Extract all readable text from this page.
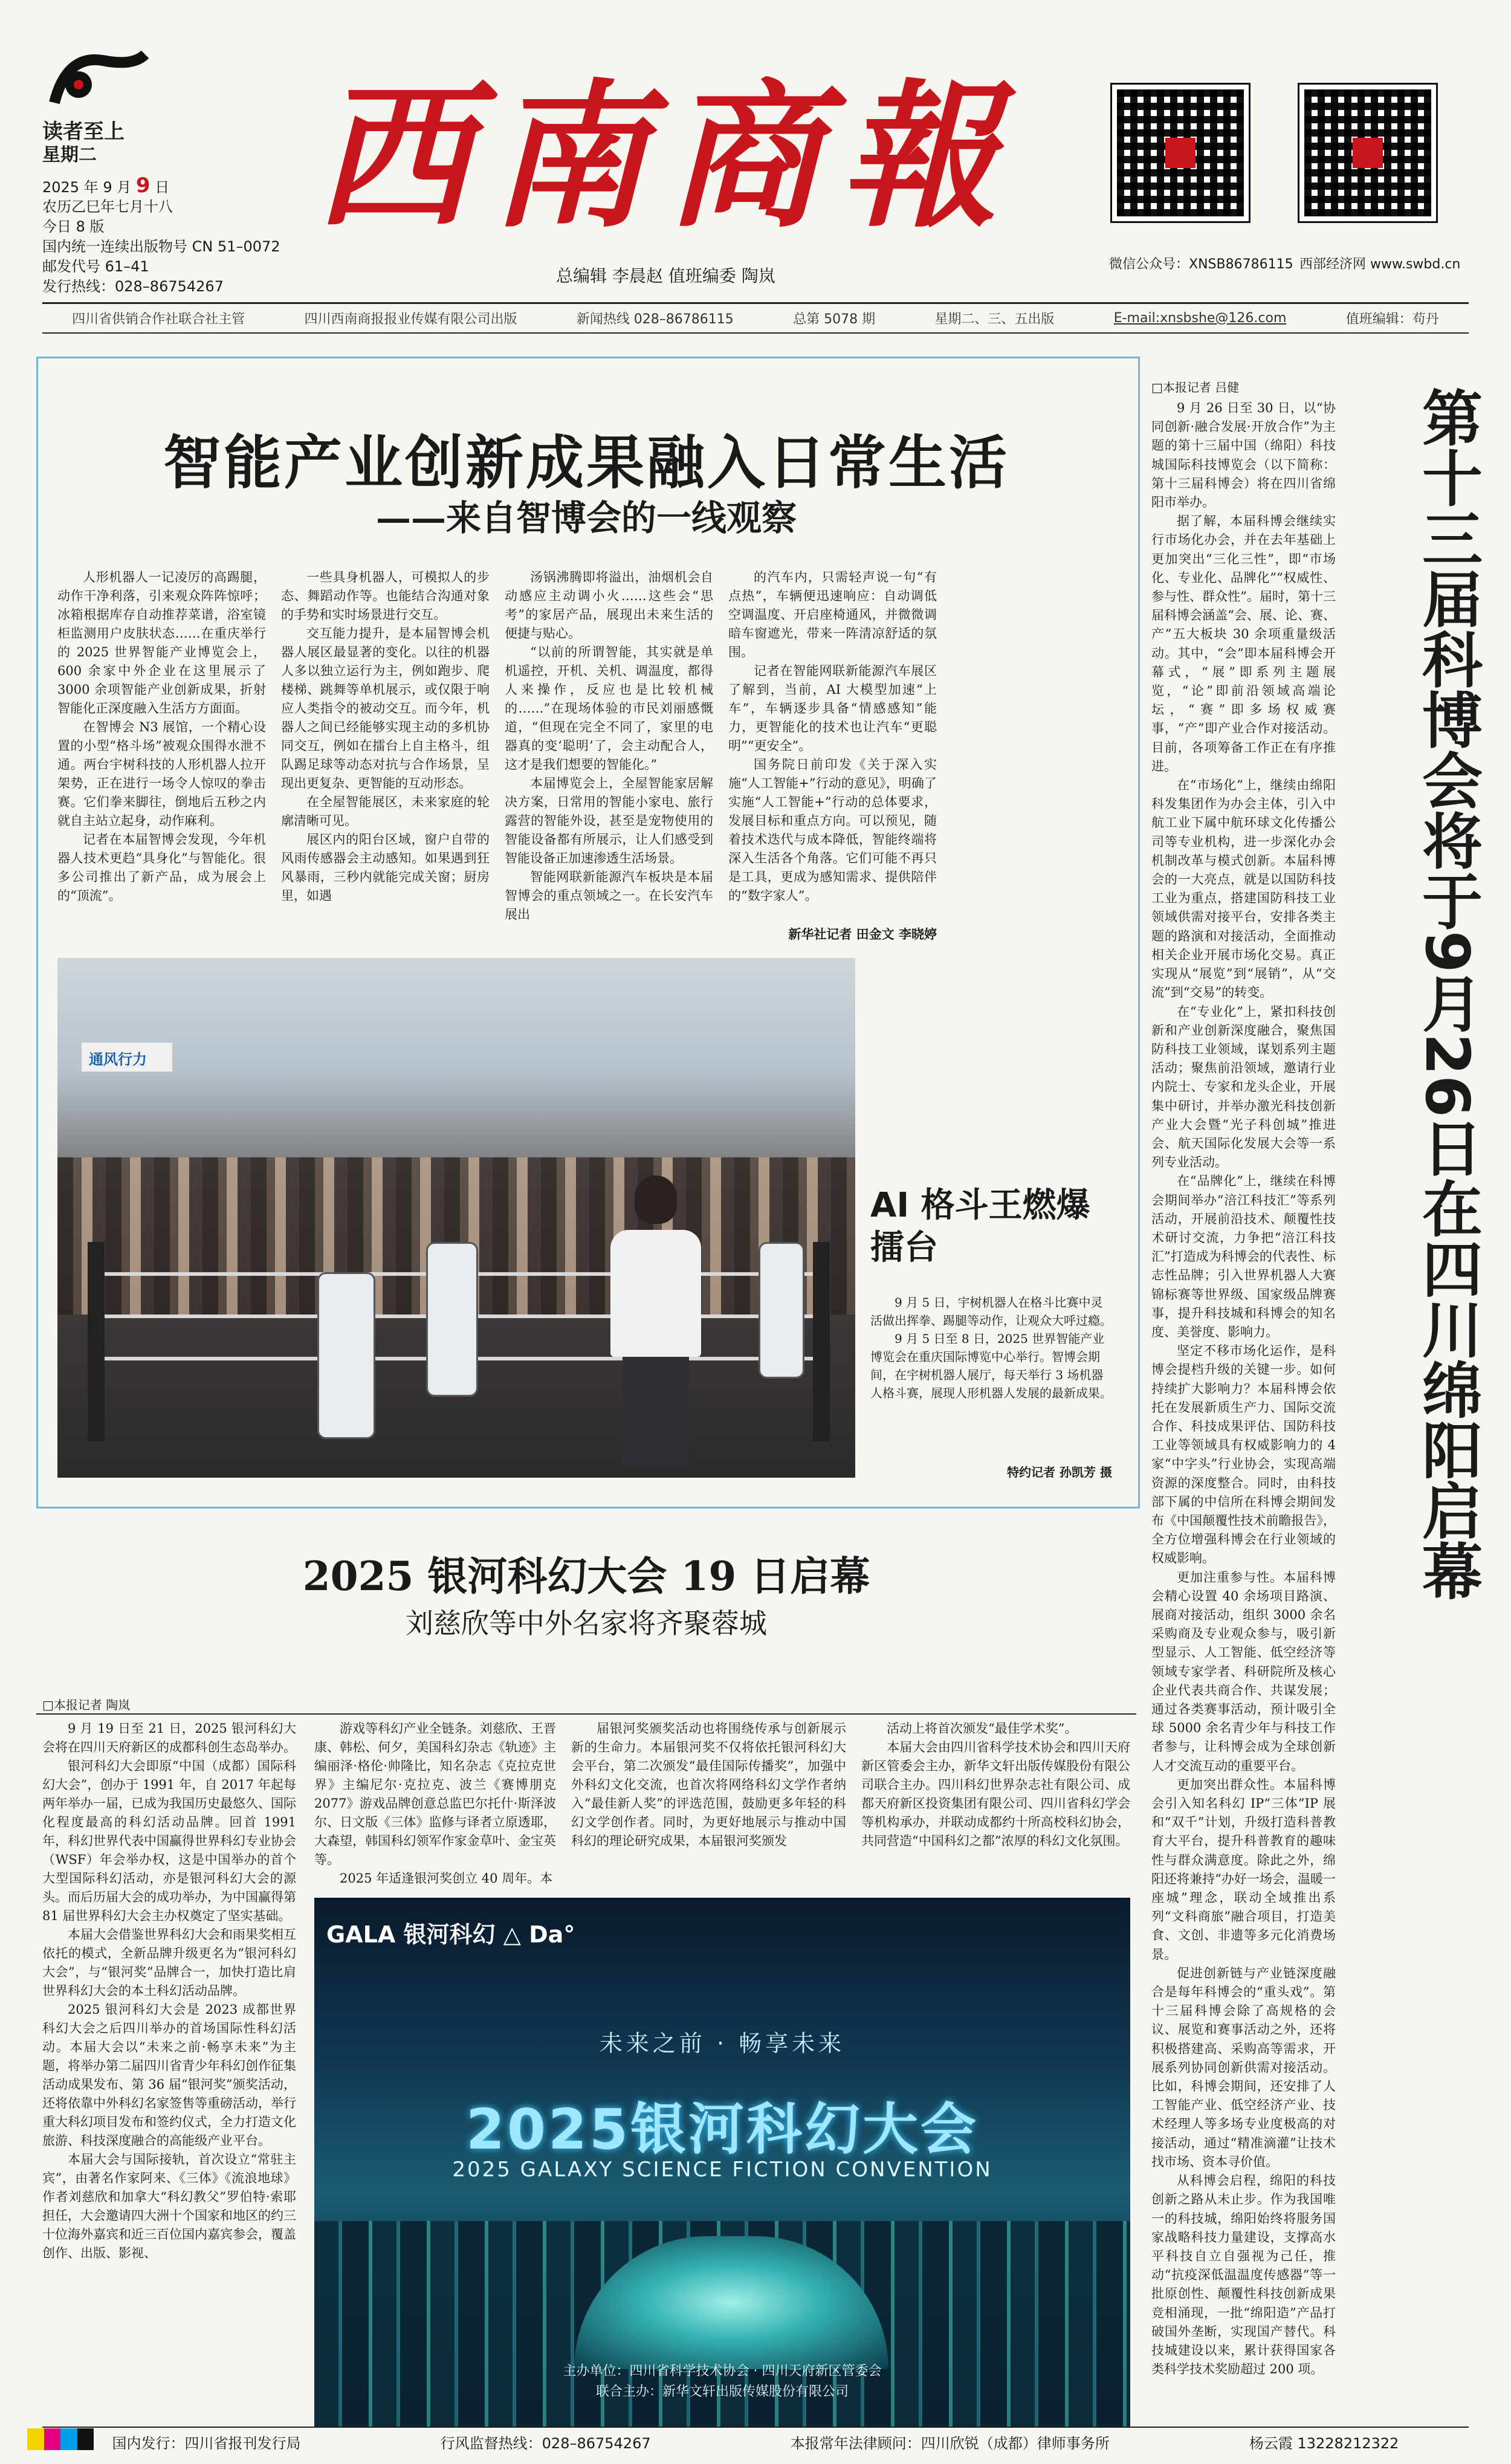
读者至上
星期二
2025 年 9 月 9 日
农历乙巳年七月十八
今日 8 版
国内统一连续出版物号 CN 51–0072
邮发代号 61–41
发行热线：028–86754267
西南商報
总编辑 李晨赵 值班编委 陶岚
微信公众号：XNSB86786115 西部经济网 www.swbd.cn
四川省供销合作社联合社主管	四川西南商报报业传媒有限公司出版	新闻热线 028–86786115	总第 5078 期	星期二、三、五出版	E-mail:xnsbshe@126.com	值班编辑：苟丹
智能产业创新成果融入日常生活
——来自智博会的一线观察

人形机器人一记凌厉的高踢腿，动作干净利落，引来观众阵阵惊呼；冰箱根据库存自动推荐菜谱，浴室镜柜监测用户皮肤状态……在重庆举行的 2025 世界智能产业博览会上，600 余家中外企业在这里展示了 3000 余项智能产业创新成果，折射智能化正深度融入生活方方面面。

在智博会 N3 展馆，一个精心设置的小型“格斗场”被观众围得水泄不通。两台宇树科技的人形机器人拉开架势，正在进行一场令人惊叹的拳击赛。它们拳来脚往，倒地后五秒之内就自主站立起身，动作麻利。

记者在本届智博会发现，今年机器人技术更趋“具身化”与智能化。很多公司推出了新产品，成为展会上的“顶流”。

一些具身机器人，可模拟人的步态、舞蹈动作等。也能结合沟通对象的手势和实时场景进行交互。

交互能力提升，是本届智博会机器人展区最显著的变化。以往的机器人多以独立运行为主，例如跑步、爬楼梯、跳舞等单机展示，或仅限于响应人类指令的被动交互。而今年，机器人之间已经能够实现主动的多机协同交互，例如在擂台上自主格斗，组队踢足球等动态对抗与合作场景，呈现出更复杂、更智能的互动形态。

在全屋智能展区，未来家庭的轮廓清晰可见。

展区内的阳台区域，窗户自带的风雨传感器会主动感知。如果遇到狂风暴雨，三秒内就能完成关窗；厨房里，如遇

汤锅沸腾即将溢出，油烟机会自动感应主动调小火……这些会“思考”的家居产品，展现出未来生活的便捷与贴心。

“以前的所谓智能，其实就是单机遥控，开机、关机、调温度，都得人来操作，反应也是比较机械的……”在现场体验的市民刘丽感慨道，“但现在完全不同了，家里的电器真的变‘聪明’了，会主动配合人，这才是我们想要的智能化。”

本届博览会上，全屋智能家居解决方案，日常用的智能小家电、旅行露营的智能外设，甚至是宠物使用的智能设备都有所展示，让人们感受到智能设备正加速渗透生活场景。

智能网联新能源汽车板块是本届智博会的重点领域之一。在长安汽车展出

的汽车内，只需轻声说一句“有点热”，车辆便迅速响应：自动调低空调温度、开启座椅通风，并微微调暗车窗遮光，带来一阵清凉舒适的氛围。

记者在智能网联新能源汽车展区了解到，当前，AI 大模型加速“上车”，车辆逐步具备“情感感知”能力，更智能化的技术也让汽车“更聪明”“更安全”。

国务院日前印发《关于深入实施“人工智能+”行动的意见》，明确了实施“人工智能+”行动的总体要求，发展目标和重点方向。可以预见，随着技术迭代与成本降低，智能终端将深入生活各个角落。它们可能不再只是工具，更成为感知需求、提供陪伴的“数字家人”。

新华社记者 田金文 李晓婷
通风行力
AI 格斗王燃爆擂台

9 月 5 日，宇树机器人在格斗比赛中灵活做出挥拳、踢腿等动作，让观众大呼过瘾。

9 月 5 日至 8 日，2025 世界智能产业博览会在重庆国际博览中心举行。智博会期间，在宇树机器人展厅，每天举行 3 场机器人格斗赛，展现人形机器人发展的最新成果。

特约记者 孙凯芳 摄
□本报记者 吕健

9 月 26 日至 30 日，以“协同创新·融合发展·开放合作”为主题的第十三届中国（绵阳）科技城国际科技博览会（以下简称：第十三届科博会）将在四川省绵阳市举办。

据了解，本届科博会继续实行市场化办会，并在去年基础上更加突出“三化三性”，即“市场化、专业化、品牌化”“权威性、参与性、群众性”。届时，第十三届科博会涵盖“会、展、论、赛、产”五大板块 30 余项重量级活动。其中，“会”即本届科博会开幕式，“展”即系列主题展览，“论”即前沿领域高端论坛，“赛”即多场权威赛事，“产”即产业合作对接活动。目前，各项筹备工作正在有序推进。

在“市场化”上，继续由绵阳科发集团作为办会主体，引入中航工业下属中航环球文化传播公司等专业机构，进一步深化办会机制改革与模式创新。本届科博会的一大亮点，就是以国防科技工业为重点，搭建国防科技工业领域供需对接平台，安排各类主题的路演和对接活动，全面推动相关企业开展市场化交易。真正实现从“展览”到“展销”，从“交流”到“交易”的转变。

在“专业化”上，紧扣科技创新和产业创新深度融合，聚焦国防科技工业领域，谋划系列主题活动；聚焦前沿领域，邀请行业内院士、专家和龙头企业，开展集中研讨，并举办激光科技创新产业大会暨“光子科创城”推进会、航天国际化发展大会等一系列专业活动。

在“品牌化”上，继续在科博会期间举办“涪江科技汇”等系列活动，开展前沿技术、颠覆性技术研讨交流，力争把“涪江科技汇”打造成为科博会的代表性、标志性品牌；引入世界机器人大赛锦标赛等世界级、国家级品牌赛事，提升科技城和科博会的知名度、美誉度、影响力。

坚定不移市场化运作，是科博会提档升级的关键一步。如何持续扩大影响力？本届科博会依托在发展新质生产力、国际交流合作、科技成果评估、国防科技工业等领域具有权威影响力的 4 家“中字头”行业协会，实现高端资源的深度整合。同时，由科技部下属的中信所在科博会期间发布《中国颠覆性技术前瞻报告》，全方位增强科博会在行业领域的权威影响。

更加注重参与性。本届科博会精心设置 40 余场项目路演、展商对接活动，组织 3000 余名采购商及专业观众参与，吸引新型显示、人工智能、低空经济等领域专家学者、科研院所及核心企业代表共商合作、共谋发展；通过各类赛事活动，预计吸引全球 5000 余名青少年与科技工作者参与，让科博会成为全球创新人才交流互动的重要平台。

更加突出群众性。本届科博会引入知名科幻 IP“三体”IP 展和“双千”计划，升级打造科普教育大平台，提升科普教育的趣味性与群众满意度。除此之外，绵阳还将兼持“办好一场会，温暖一座城”理念，联动全域推出系列“文科商旅”融合项目，打造美食、文创、非遗等多元化消费场景。

促进创新链与产业链深度融合是每年科博会的“重头戏”。第十三届科博会除了高规格的会议、展览和赛事活动之外，还将积极搭建高、采购高等需求，开展系列协同创新供需对接活动。比如，科博会期间，还安排了人工智能产业、低空经济产业、技术经理人等多场专业度极高的对接活动，通过“精准滴灌”让技术找市场、资本寻价值。

从科博会启程，绵阳的科技创新之路从未止步。作为我国唯一的科技城，绵阳始终将服务国家战略科技力量建设，支撑高水平科技自立自强视为己任，推动“抗疫深低温温度传感器”等一批原创性、颠覆性科技创新成果竞相涌现，一批“绵阳造”产品打破国外垄断，实现国产替代。科技城建设以来，累计获得国家各类科学技术奖励超过 200 项。

第十三届科博会将于9月26日在四川绵阳启幕
2025 银河科幻大会 19 日启幕
刘慈欣等中外名家将齐聚蓉城
□本报记者 陶岚

9 月 19 日至 21 日，2025 银河科幻大会将在四川天府新区的成都科创生态岛举办。

银河科幻大会即原“中国（成都）国际科幻大会”，创办于 1991 年，自 2017 年起每两年举办一届，已成为我国历史最悠久、国际化程度最高的科幻活动品牌。回首 1991 年，科幻世界代表中国赢得世界科幻专业协会（WSF）年会举办权，这是中国举办的首个大型国际科幻活动，亦是银河科幻大会的源头。而后历届大会的成功举办，为中国赢得第 81 届世界科幻大会主办权奠定了坚实基础。

本届大会借鉴世界科幻大会和雨果奖相互依托的模式，全新品牌升级更名为“银河科幻大会”，与“银河奖”品牌合一，加快打造比肩世界科幻大会的本土科幻活动品牌。

2025 银河科幻大会是 2023 成都世界科幻大会之后四川举办的首场国际性科幻活动。本届大会以“未来之前·畅享未来”为主题，将举办第二届四川省青少年科幻创作征集活动成果发布、第 36 届“银河奖”颁奖活动，还将依靠中外科幻名家签售等重磅活动，举行重大科幻项目发布和签约仪式，全力打造文化旅游、科技深度融合的高能级产业平台。

本届大会与国际接轨，首次设立“常驻主宾”，由著名作家阿来、《三体》《流浪地球》作者刘慈欣和加拿大“科幻教父”罗伯特·索耶担任，大会邀请四大洲十个国家和地区的约三十位海外嘉宾和近三百位国内嘉宾参会，覆盖创作、出版、影视、

游戏等科幻产业全链条。刘慈欣、王晋康、韩松、何夕，美国科幻杂志《轨迹》主编丽泽·格伦·帅隆比，知名杂志《克拉克世界》主编尼尔·克拉克、波兰《赛博朋克 2077》游戏品牌创意总监巴尔托什·斯泽波尔、日文版《三体》监修与译者立原透耶，大森望，韩国科幻领军作家金草叶、金宝英等。

2025 年适逢银河奖创立 40 周年。本

届银河奖颁奖活动也将围绕传承与创新展示新的生命力。本届银河奖不仅将依托银河科幻大会平台，第二次颁发“最佳国际传播奖”，加强中外科幻文化交流，也首次将网络科幻文学作者纳入“最佳新人奖”的评选范围，鼓励更多年轻的科幻文学创作者。同时，为更好地展示与推动中国科幻的理论研究成果，本届银河奖颁发

活动上将首次颁发“最佳学术奖”。

本届大会由四川省科学技术协会和四川天府新区管委会主办，新华文轩出版传媒股份有限公司联合主办。四川科幻世界杂志社有限公司、成都天府新区投资集团有限公司、四川省科幻学会等机构承办，并联动成都约十所高校科幻协会，共同营造“中国科幻之都”浓厚的科幻文化氛围。

GALA 银河科幻 △ Da°
未来之前 · 畅享未来
2025银河科幻大会
2025 GALAXY SCIENCE FICTION CONVENTION
主办单位：四川省科学技术协会 · 四川天府新区管委会
联合主办：新华文轩出版传媒股份有限公司
国内发行：四川省报刊发行局	行风监督热线：028–86754267	本报常年法律顾问：四川欣锐（成都）律师事务所	杨云霞 13228212322
